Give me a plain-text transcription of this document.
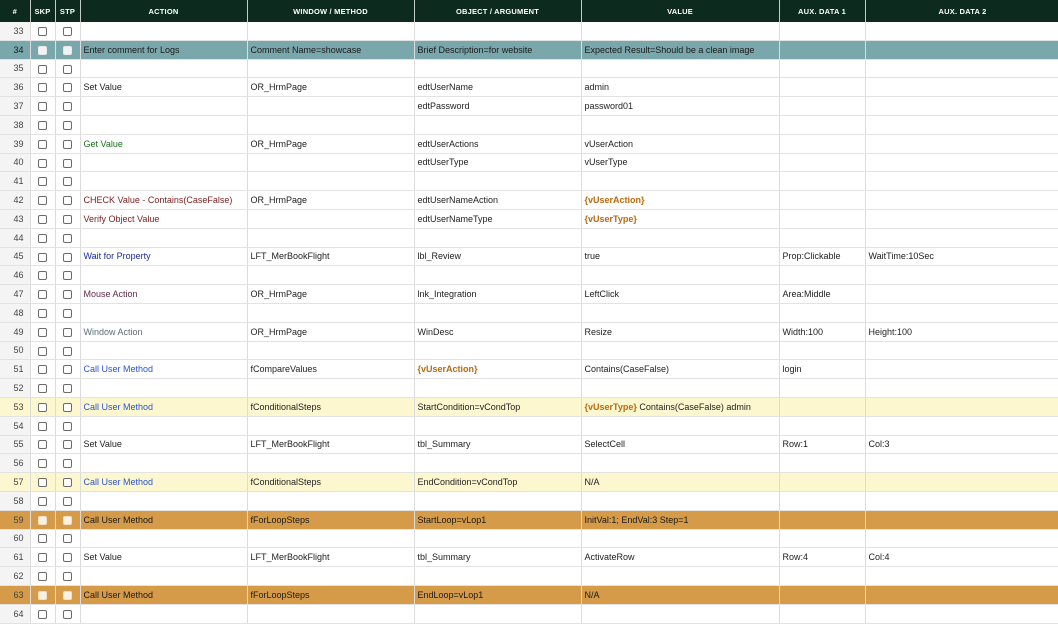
#	SKP	STP	ACTION	WINDOW / METHOD	OBJECT / ARGUMENT	VALUE	AUX. DATA 1	AUX. DATA 2
33								
34			Enter comment for Logs	Comment Name=showcase	Brief Description=for website	Expected Result=Should be a clean image		
35								
36			Set Value	OR_HrmPage	edtUserName	admin		
37					edtPassword	password01		
38								
39			Get Value	OR_HrmPage	edtUserActions	vUserAction		
40					edtUserType	vUserType		
41								
42			CHECK Value - Contains(CaseFalse)	OR_HrmPage	edtUserNameAction	{vUserAction}		
43			Verify Object Value		edtUserNameType	{vUserType}		
44								
45			Wait for Property	LFT_MerBookFlight	lbl_Review	true	Prop:Clickable	WaitTime:10Sec
46								
47			Mouse Action	OR_HrmPage	lnk_Integration	LeftClick	Area:Middle	
48								
49			Window Action	OR_HrmPage	WinDesc	Resize	Width:100	Height:100
50								
51			Call User Method	fCompareValues	{vUserAction}	Contains(CaseFalse)	login	
52								
53			Call User Method	fConditionalSteps	StartCondition=vCondTop	{vUserType} Contains(CaseFalse) admin		
54								
55			Set Value	LFT_MerBookFlight	tbl_Summary	SelectCell	Row:1	Col:3
56								
57			Call User Method	fConditionalSteps	EndCondition=vCondTop	N/A		
58								
59			Call User Method	fForLoopSteps	StartLoop=vLop1	InitVal:1; EndVal:3 Step=1		
60								
61			Set Value	LFT_MerBookFlight	tbl_Summary	ActivateRow	Row:4	Col:4
62								
63			Call User Method	fForLoopSteps	EndLoop=vLop1	N/A		
64								
